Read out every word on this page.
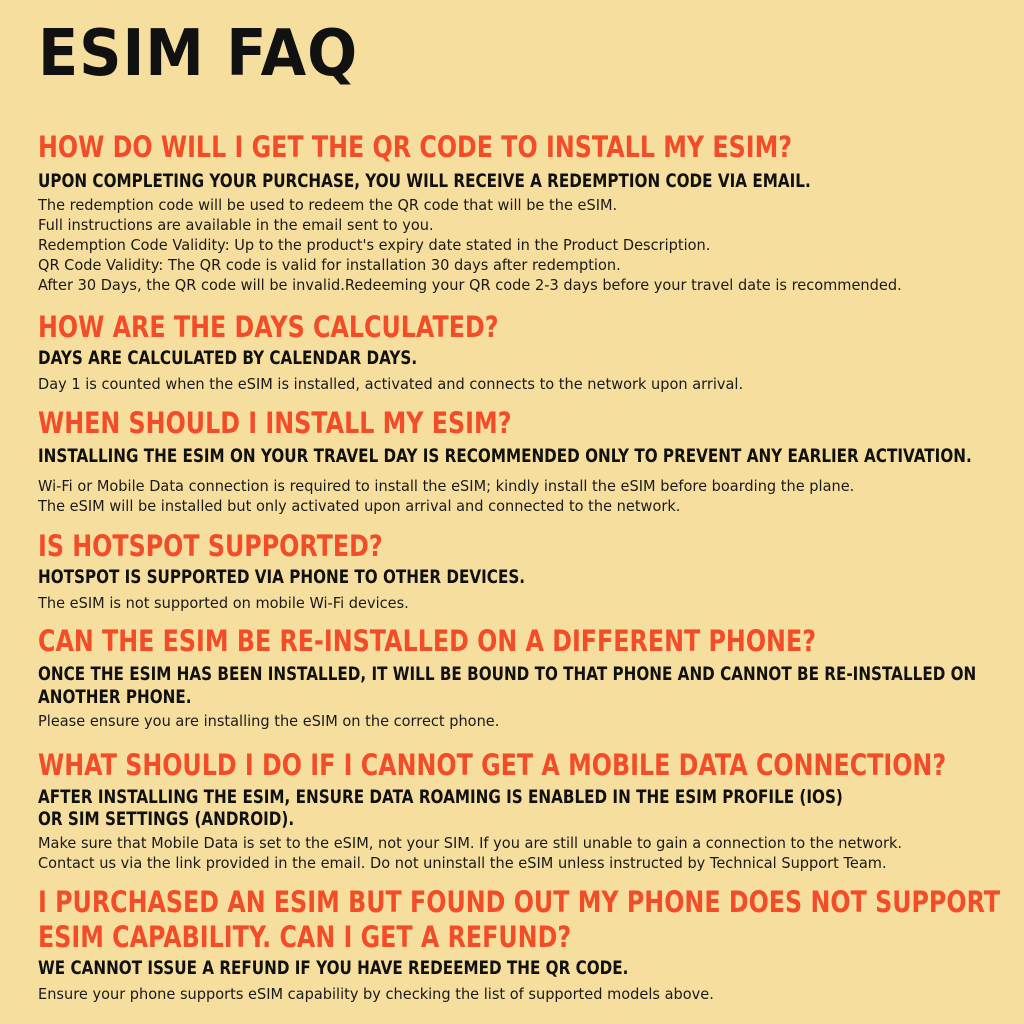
ESIM FAQ
HOW DO WILL I GET THE QR CODE TO INSTALL MY ESIM?

UPON COMPLETING YOUR PURCHASE, YOU WILL RECEIVE A REDEMPTION CODE VIA EMAIL.

The redemption code will be used to redeem the QR code that will be the eSIM.

Full instructions are available in the email sent to you.

Redemption Code Validity: Up to the product's expiry date stated in the Product Description.

QR Code Validity: The QR code is valid for installation 30 days after redemption.

After 30 Days, the QR code will be invalid.Redeeming your QR code 2-3 days before your travel date is recommended.

HOW ARE THE DAYS CALCULATED?

DAYS ARE CALCULATED BY CALENDAR DAYS.

Day 1 is counted when the eSIM is installed, activated and connects to the network upon arrival.

WHEN SHOULD I INSTALL MY ESIM?

INSTALLING THE ESIM ON YOUR TRAVEL DAY IS RECOMMENDED ONLY TO PREVENT ANY EARLIER ACTIVATION.

Wi-Fi or Mobile Data connection is required to install the eSIM; kindly install the eSIM before boarding the plane.

The eSIM will be installed but only activated upon arrival and connected to the network.

IS HOTSPOT SUPPORTED?

HOTSPOT IS SUPPORTED VIA PHONE TO OTHER DEVICES.

The eSIM is not supported on mobile Wi-Fi devices.

CAN THE ESIM BE RE-INSTALLED ON A DIFFERENT PHONE?

ONCE THE ESIM HAS BEEN INSTALLED, IT WILL BE BOUND TO THAT PHONE AND CANNOT BE RE-INSTALLED ON

ANOTHER PHONE.

Please ensure you are installing the eSIM on the correct phone.

WHAT SHOULD I DO IF I CANNOT GET A MOBILE DATA CONNECTION?

AFTER INSTALLING THE ESIM, ENSURE DATA ROAMING IS ENABLED IN THE ESIM PROFILE (IOS)

OR SIM SETTINGS (ANDROID).

Make sure that Mobile Data is set to the eSIM, not your SIM. If you are still unable to gain a connection to the network.

Contact us via the link provided in the email. Do not uninstall the eSIM unless instructed by Technical Support Team.

I PURCHASED AN ESIM BUT FOUND OUT MY PHONE DOES NOT SUPPORT
ESIM CAPABILITY. CAN I GET A REFUND?

WE CANNOT ISSUE A REFUND IF YOU HAVE REDEEMED THE QR CODE.

Ensure your phone supports eSIM capability by checking the list of supported models above.
